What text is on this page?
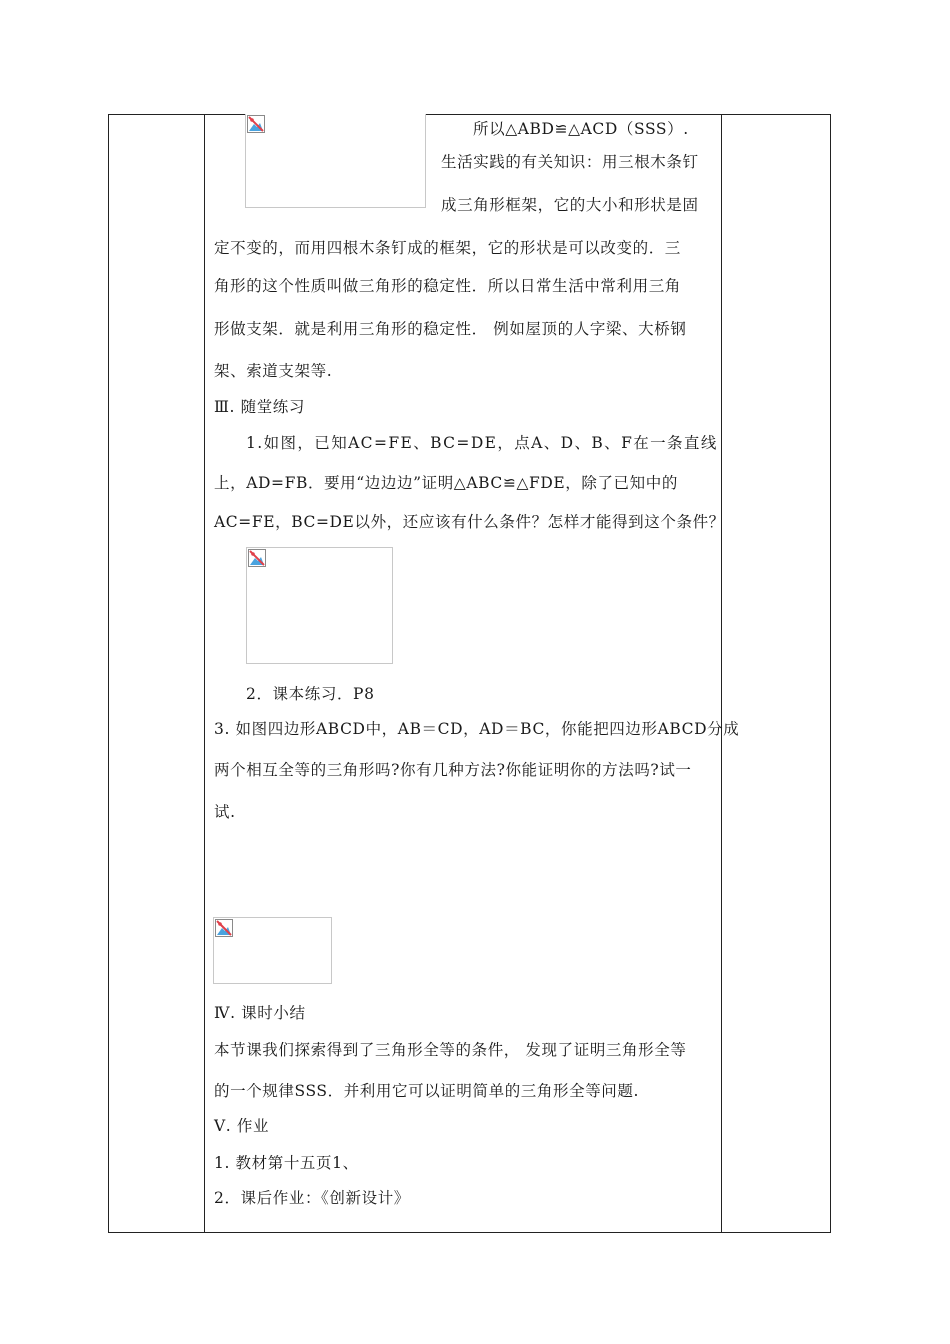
所以△ABD≌△ACD（SSS）.
生活实践的有关知识：用三根木条钉
成三角形框架，它的大小和形状是固
定不变的，而用四根木条钉成的框架，它的形状是可以改变的．三
角形的这个性质叫做三角形的稳定性．所以日常生活中常利用三角
形做支架．就是利用三角形的稳定性． 例如屋顶的人字梁、大桥钢
架、索道支架等.
Ⅲ. 随堂练习
1.如图，已知AC=FE、BC=DE，点A、D、B、F在一条直线
上，AD=FB．要用“边边边”证明△ABC≌△FDE，除了已知中的
AC=FE，BC=DE以外，还应该有什么条件？怎样才能得到这个条件？
2．课本练习．P8
3. 如图四边形ABCD中，AB＝CD，AD＝BC，你能把四边形ABCD分成
两个相互全等的三角形吗?你有几种方法?你能证明你的方法吗?试一
试.
Ⅳ. 课时小结
本节课我们探索得到了三角形全等的条件， 发现了证明三角形全等
的一个规律SSS．并利用它可以证明简单的三角形全等问题.
Ⅴ. 作业
1. 教材第十五页1、
2．课后作业：《创新设计》
